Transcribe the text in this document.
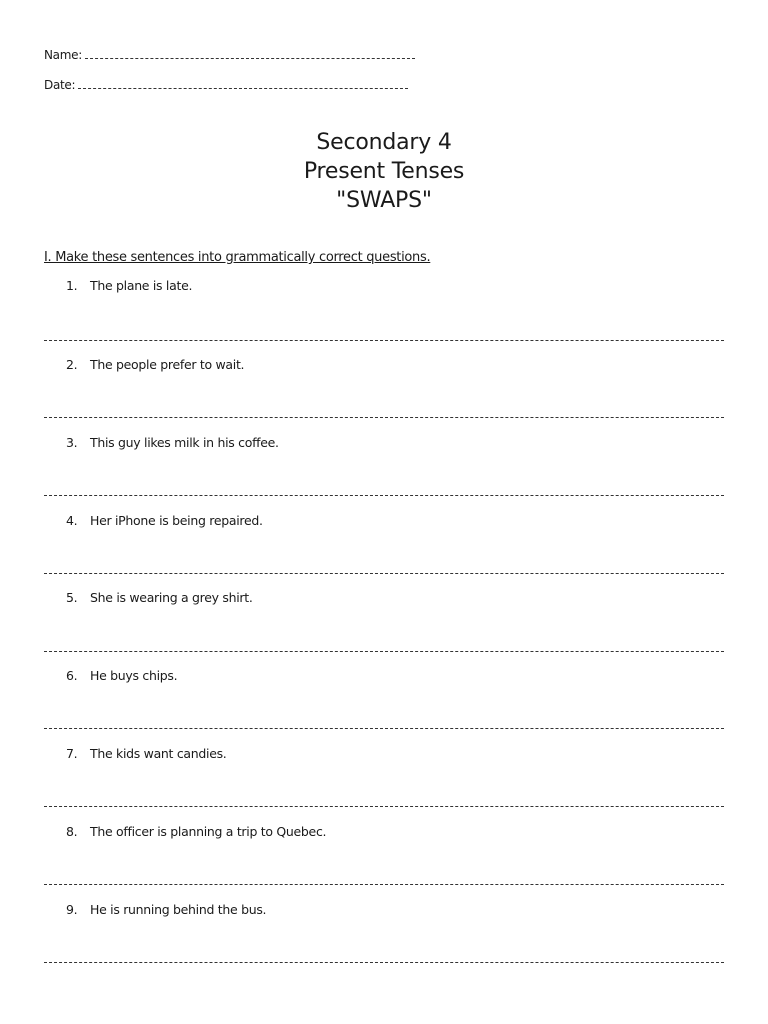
Name:
Date:
Secondary 4
Present Tenses
"SWAPS"
I. Make these sentences into grammatically correct questions.
1. The plane is late.
2. The people prefer to wait.
3. This guy likes milk in his coffee.
4. Her iPhone is being repaired.
5. She is wearing a grey shirt.
6. He buys chips.
7. The kids want candies.
8. The officer is planning a trip to Quebec.
9. He is running behind the bus.
